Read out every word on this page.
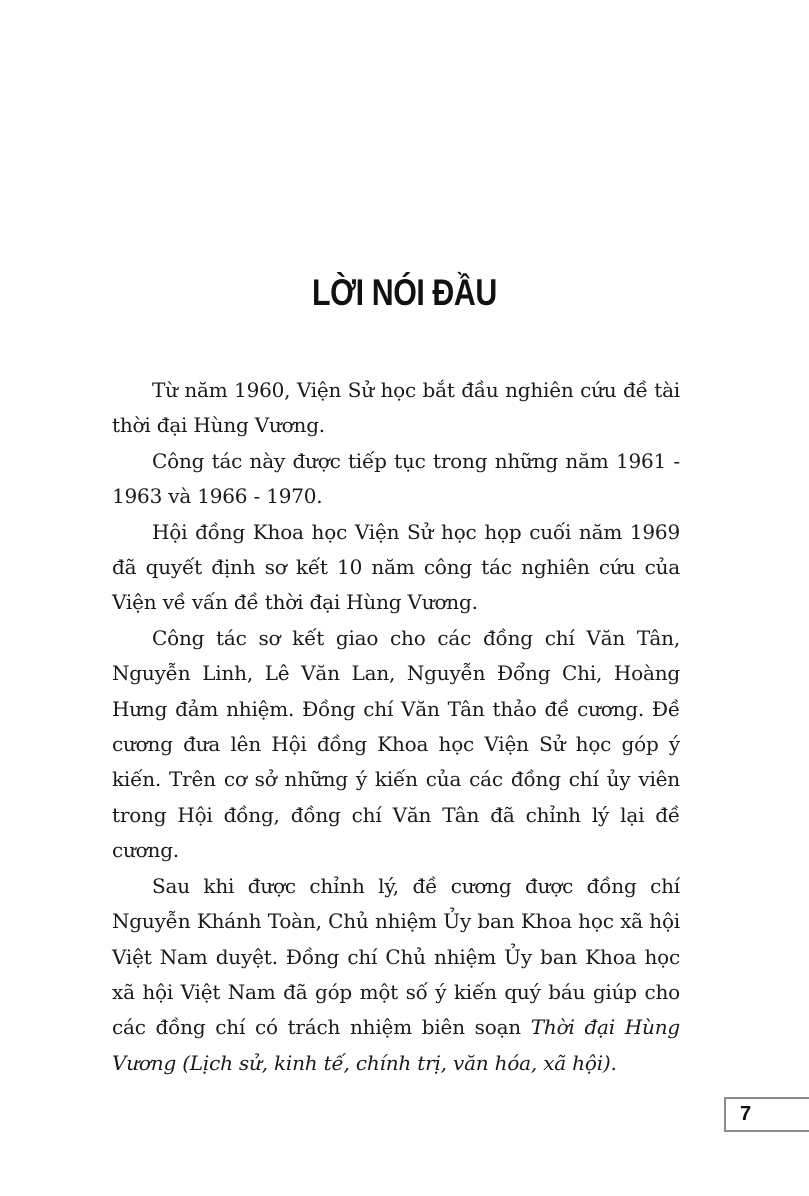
LỜI NÓI ĐẦU

Từ năm 1960, Viện Sử học bắt đầu nghiên cứu đề tài thời đại Hùng Vương.

Công tác này được tiếp tục trong những năm 1961 - 1963 và 1966 - 1970.

Hội đồng Khoa học Viện Sử học họp cuối năm 1969 đã quyết định sơ kết 10 năm công tác nghiên cứu của Viện về vấn đề thời đại Hùng Vương.

Công tác sơ kết giao cho các đồng chí Văn Tân, Nguyễn Linh, Lê Văn Lan, Nguyễn Đổng Chi, Hoàng Hưng đảm nhiệm. Đồng chí Văn Tân thảo đề cương. Đề cương đưa lên Hội đồng Khoa học Viện Sử học góp ý kiến. Trên cơ sở những ý kiến của các đồng chí ủy viên trong Hội đồng, đồng chí Văn Tân đã chỉnh lý lại đề cương.

Sau khi được chỉnh lý, đề cương được đồng chí Nguyễn Khánh Toàn, Chủ nhiệm Ủy ban Khoa học xã hội Việt Nam duyệt. Đồng chí Chủ nhiệm Ủy ban Khoa học xã hội Việt Nam đã góp một số ý kiến quý báu giúp cho các đồng chí có trách nhiệm biên soạn Thời đại Hùng Vương (Lịch sử, kinh tế, chính trị, văn hóa, xã hội).

7
